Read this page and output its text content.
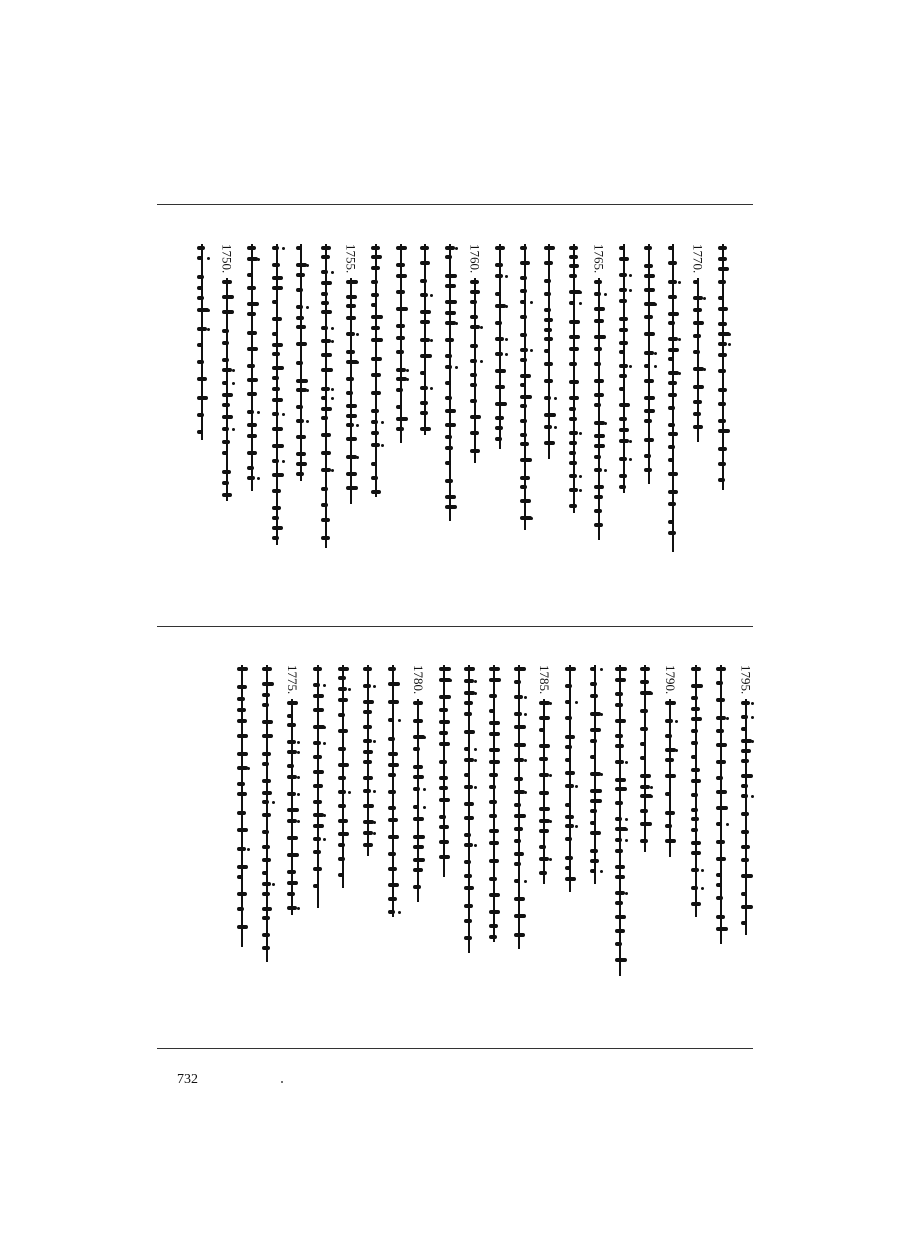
1770.
1765.
1760.
1755.
1750.
1795.
1790.
1785.
1780.
1775.
732
